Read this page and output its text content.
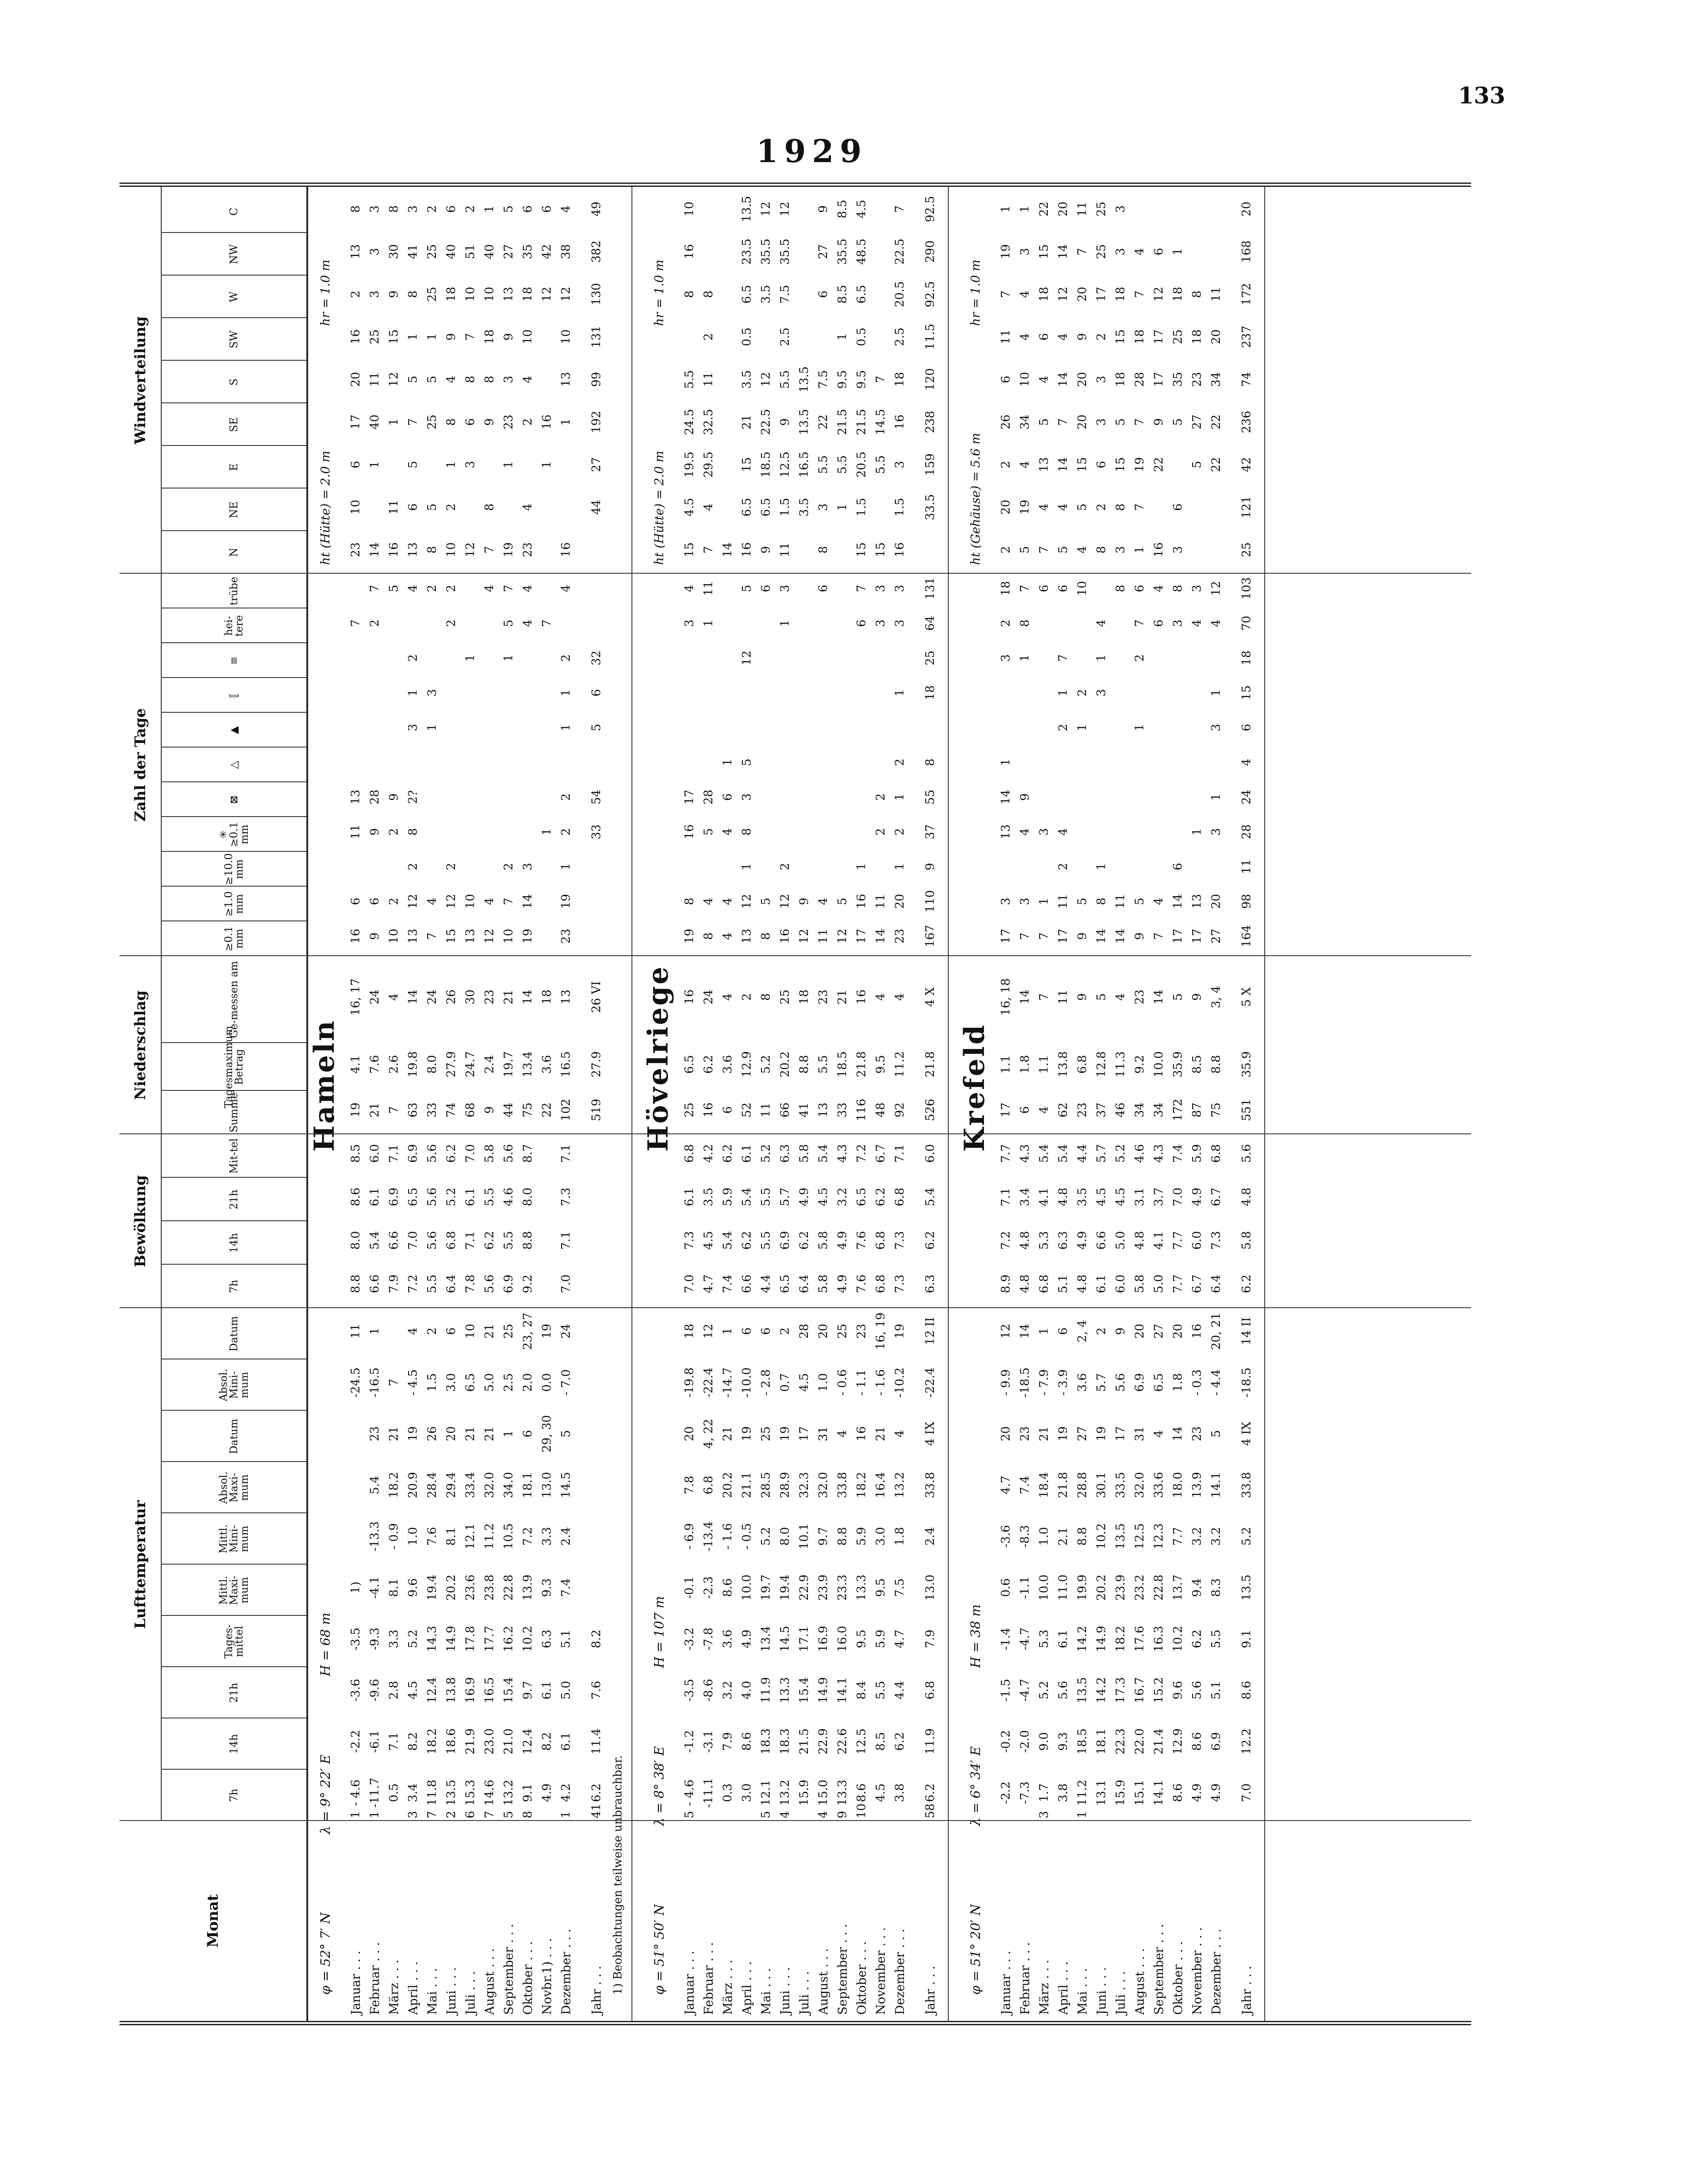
133
1929
Monat
Lufttemperatur
Bewölkung
Niederschlag
Zahl der Tage
Windverteilung
7h
14h
21h
Tages-mittel
Mittl. Maxi-mum
Mittl. Mini-mum
Absol. Maxi-mum
Datum
Absol. Mini-mum
Datum
7h
14h
21h
Mit-tel
Summe
Tagesmaximum Betrag
Ge-messen am
≥0.1 mm
≥1.0 mm
≥10.0 mm
✳ ≥0.1 mm
⊠
△
▲
⟦
≡
hei-tere
trübe
N
NE
E
SE
S
SW
W
NW
C
φ = 52° 7′ Nλ = 9° 22′ EH = 68 m
Hameln
ht (Hütte) = 2.0 m
hr = 1.0 m
Januar . . .
- 4.6
-2.2
-3.6
-3.5
1)
-24.5
11
8.8
8.0
8.6
8.5
19
4.1
16, 17
16
6
11
13
7
23
10
6
17
20
16
2
13
8
1
Februar . . .
-11.7
-6.1
-9.6
-9.3
-4.1
-13.3
5.4
23
-16.5
1
6.6
5.4
6.1
6.0
21
7.6
24
9
6
9
28
2
7
14
1
40
11
25
3
3
3
1
März . . .
0.5
7.1
2.8
3.3
8.1
- 0.9
18.2
21
7
7.9
6.6
6.9
7.1
7
2.6
4
10
2
2
9
5
16
11
1
12
15
9
30
8
April . . .
3.4
8.2
4.5
5.2
9.6
1.0
20.9
19
- 4.5
4
7.2
7.0
6.5
6.9
63
19.8
14
13
12
2
8
2?
3
1
2
4
13
6
5
7
5
1
8
41
3
3
Mai . . .
11.8
18.2
12.4
14.3
19.4
7.6
28.4
26
1.5
2
5.5
5.6
5.6
5.6
33
8.0
24
7
4
1
3
2
8
5
25
5
1
25
25
2
7
Juni . . .
13.5
18.6
13.8
14.9
20.2
8.1
29.4
20
3.0
6
6.4
6.8
5.2
6.2
74
27.9
26
15
12
2
2
2
10
2
1
8
4
9
18
40
6
2
Juli . . .
15.3
21.9
16.9
17.8
23.6
12.1
33.4
21
6.5
10
7.8
7.1
6.1
7.0
68
24.7
30
13
10
1
12
3
6
8
7
10
51
2
6
August . . .
14.6
23.0
16.5
17.7
23.8
11.2
32.0
21
5.0
21
5.6
6.2
5.5
5.8
9
2.4
23
12
4
4
7
8
9
8
18
10
40
1
7
September . . .
13.2
21.0
15.4
16.2
22.8
10.5
34.0
1
2.5
25
6.9
5.5
4.6
5.6
44
19.7
21
10
7
2
1
5
7
19
1
23
3
9
13
27
5
5
Oktober . . .
9.1
12.4
9.7
10.2
13.9
7.2
18.1
6
2.0
23, 27
9.2
8.8
8.0
8.7
75
13.4
14
19
14
3
4
4
23
4
2
4
10
18
35
6
8
Novbr.1) . . .
4.9
8.2
6.1
6.3
9.3
3.3
13.0
29, 30
0.0
19
22
3.6
18
1
7
1
16
12
42
6
Dezember . . .
4.2
6.1
5.0
5.1
7.4
2.4
14.5
5
- 7.0
24
7.0
7.1
7.3
7.1
102
16.5
13
23
19
1
2
2
1
1
2
4
16
1
13
10
12
38
4
1
Jahr . . .
6.2
11.4
7.6
8.2
519
27.9
26 VI
33
54
5
6
32
44
27
192
99
131
130
382
49
41 1) Beobachtungen teilweise unbrauchbar. φ = 51° 50′ Nλ = 8° 38′ EH = 107 m
Hövelriege
ht (Hütte) = 2.0 m
hr = 1.0 m
Januar . . .
- 4.6
-1.2
-3.5
-3.2
-0.1
- 6.9
7.8
20
-19.8
18
7.0
7.3
6.1
6.8
25
6.5
16
19
8
16
17
3
4
15
4.5
19.5
24.5
5.5
8
16
10
5
Februar . . .
-11.1
-3.1
-8.6
-7.8
-2.3
-13.4
6.8
4, 22
-22.4
12
4.7
4.5
3.5
4.2
16
6.2
24
8
4
5
28
1
11
7
4
29.5
32.5
11
2
8
März . . .
0.3
7.9
3.2
3.6
8.6
- 1.6
20.2
21
-14.7
1
7.4
5.4
5.9
6.2
6
3.6
4
4
4
4
6
1
14
April . . .
3.0
8.6
4.0
4.9
10.0
- 0.5
21.1
19
-10.0
6
6.6
6.2
5.4
6.1
52
12.9
2
13
12
1
8
3
5
12
5
16
6.5
15
21
3.5
0.5
6.5
23.5
13.5
Mai . . .
12.1
18.3
11.9
13.4
19.7
5.2
28.5
25
- 2.8
6
4.4
5.5
5.5
5.2
11
5.2
8
8
5
6
9
6.5
18.5
22.5
12
3.5
35.5
12
5
Juni . . .
13.2
18.3
13.3
14.5
19.4
8.0
28.9
19
0.7
2
6.5
6.9
5.7
6.3
66
20.2
25
16
12
2
1
3
11
1.5
12.5
9
5.5
2.5
7.5
35.5
12
4
Juli . . .
15.9
21.5
15.4
17.1
22.9
10.1
32.3
17
4.5
28
6.4
6.2
4.9
5.8
41
8.8
18
12
9
3.5
16.5
13.5
13.5
August . . .
15.0
22.9
14.9
16.9
23.9
9.7
32.0
31
1.0
20
5.8
5.8
4.5
5.4
13
5.5
23
11
4
6
8
3
5.5
22
7.5
6
27
9
4
September . . .
13.3
22.6
14.1
16.0
23.3
8.8
33.8
4
- 0.6
25
4.9
4.9
3.2
4.3
33
18.5
21
12
5
1
5.5
21.5
9.5
1
8.5
35.5
8.5
9
Oktober . . .
8.6
12.5
8.4
9.5
13.3
5.9
18.2
16
- 1.1
23
7.6
7.6
6.5
7.2
116
21.8
16
17
16
1
6
7
15
1.5
20.5
21.5
9.5
0.5
6.5
48.5
4.5
10
November . . .
4.5
8.5
5.5
5.9
9.5
3.0
16.4
21
- 1.6
16, 19
6.8
6.8
6.2
6.7
48
9.5
4
14
11
2
2
3
3
15
5.5
14.5
7
Dezember . . .
3.8
6.2
4.4
4.7
7.5
1.8
13.2
4
-10.2
19
7.3
7.3
6.8
7.1
92
11.2
4
23
20
1
2
1
2
1
3
3
16
1.5
3
16
18
2.5
20.5
22.5
7
Jahr . . .
6.2
11.9
6.8
7.9
13.0
2.4
33.8
4 IX
-22.4
12 II
6.3
6.2
5.4
6.0
526
21.8
4 X
167
110
9
37
55
8
18
25
64
131
33.5
159
238
120
11.5
92.5
290
92.5
58
φ = 51° 20′ Nλ = 6° 34′ EH = 38 m
Krefeld
ht (Gehäuse) = 5.6 m
hr = 1.0 m
Januar . . .
-2.2
-0.2
-1.5
-1.4
0.6
-3.6
4.7
20
- 9.9
12
8.9
7.2
7.1
7.7
17
1.1
16, 18
17
3
13
14
1
3
2
18
2
20
2
26
6
11
7
19
1
Februar . . .
-7.3
-2.0
-4.7
-4.7
-1.1
-8.3
7.4
23
-18.5
14
4.8
4.8
3.4
4.3
6
1.8
14
7
3
4
9
1
8
7
5
19
4
34
10
4
4
3
1
März . . .
1.7
9.0
5.2
5.3
10.0
1.0
18.4
21
- 7.9
1
6.8
5.3
4.1
5.4
4
1.1
7
7
1
3
6
7
4
13
5
4
6
18
15
22
3
April . . .
3.8
9.3
5.6
6.1
11.0
2.1
21.8
19
- 3.9
6
5.1
6.3
4.8
5.4
62
13.8
11
17
11
2
4
2
1
7
6
5
4
14
7
14
4
12
14
20
Mai . . .
11.2
18.5
13.5
14.2
19.9
8.8
28.8
27
3.6
2, 4
4.8
4.9
3.5
4.4
23
6.8
9
9
5
1
2
10
4
5
15
20
20
9
20
7
11
1
Juni . . .
13.1
18.1
14.2
14.9
20.2
10.2
30.1
19
5.7
2
6.1
6.6
4.5
5.7
37
12.8
5
14
8
1
3
1
4
8
2
6
3
3
2
17
25
25
Juli . . .
15.9
22.3
17.3
18.2
23.9
13.5
33.5
17
5.6
9
6.0
5.0
4.5
5.2
46
11.3
4
14
11
8
3
8
15
5
18
15
18
3
3
August . . .
15.1
22.0
16.7
17.6
23.2
12.5
32.0
31
6.9
20
5.8
4.8
3.1
4.6
34
9.2
23
9
5
1
2
7
6
1
7
19
7
28
18
7
4
September . . .
14.1
21.4
15.2
16.3
22.8
12.3
33.6
4
6.5
27
5.0
4.1
3.7
4.3
34
10.0
14
7
4
6
4
16
22
9
17
17
12
6
Oktober . . .
8.6
12.9
9.6
10.2
13.7
7.7
18.0
14
1.8
20
7.7
7.7
7.0
7.4
172
35.9
5
17
14
6
3
8
3
6
5
35
25
18
1
November . . .
4.9
8.6
5.6
6.2
9.4
3.2
13.9
23
- 0.3
16
6.7
6.0
4.9
5.9
87
8.5
9
17
13
1
4
3
5
27
23
18
8
Dezember . . .
4.9
6.9
5.1
5.5
8.3
3.2
14.1
5
- 4.4
20, 21
6.4
7.3
6.7
6.8
75
8.8
3, 4
27
20
3
1
3
1
4
12
22
22
34
20
11
Jahr . . .
7.0
12.2
8.6
9.1
13.5
5.2
33.8
4 IX
-18.5
14 II
6.2
5.8
4.8
5.6
551
35.9
5 X
164
98
11
28
24
4
6
15
18
70
103
25
121
42
236
74
237
172
168
20
